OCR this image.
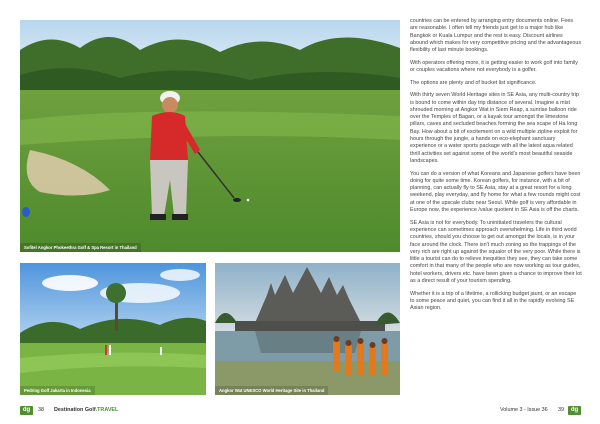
Sofitel Angkor Phokeethra Golf & Spa Resort in Thailand
Pedring Golf Jakarta in Indonesia	Angkor Wat UNESCO World Heritage Site in Thailand

countries can be entered by arranging entry documents online. Fees are reasonable. I often tell my friends just get to a major hub like Bangkok or Kuala Lumpur and the rest is easy. Discount airlines abound which makes for very competitive pricing and the advantageous flexibility of last minute bookings.

With operators offering more, it is getting easier to work golf into family or couples vacations where not everybody is a golfer.

The options are plenty and of bucket list significance.

With thirty seven World Heritage sites in SE Asia, any multi-country trip is bound to come within day trip distance of several. Imagine a mist shrouded morning at Angkor Wat in Siem Reap, a sunrise balloon ride over the Temples of Bagan, or a kayak tour amongst the limestone pillars, caves and secluded beaches forming the sea scape of Ha long Bay. How about a bit of excitement on a wild multiple zipline exploit for hours through the jungle, a hands on eco-elephant sanctuary experience or a water sports package with all the latest aqua related thrill activities set against some of the world's most beautiful seaside landscapes.

You can do a version of what Koreans and Japanese golfers have been doing for quite some time. Korean golfers, for instance, with a bit of planning, can actually fly to SE Asia, stay at a great resort for a long weekend, play everyday, and fly home for what a few rounds might cost at one of the upscale clubs near Seoul. While golf is very affordable in Europe now, the experience /value quotient in SE Asia is off the charts.

SE Asia is not for everybody. To uninitiated travelers the cultural experience can sometimes approach overwhelming. Life in third world countries, should you choose to get out amongst the locals, is in your face around the clock. There isn't much zoning so the trappings of the very rich are right up against the squalor of the very poor. While there is little a tourist can do to relieve inequities they see, they can take some comfort in that many of the people who are now working as tour guides, hotel workers, drivers etc. have been given a chance to improve their lot as a direct result of your tourism spending.

Whether it is a trip of a lifetime, a rollicking budget jaunt, or an escape to some peace and quiet, you can find it all in the rapidly evolving SE Asian region.

dg	38 Destination Golf.TRAVEL	Volume 3 - Issue 36 39	dg
